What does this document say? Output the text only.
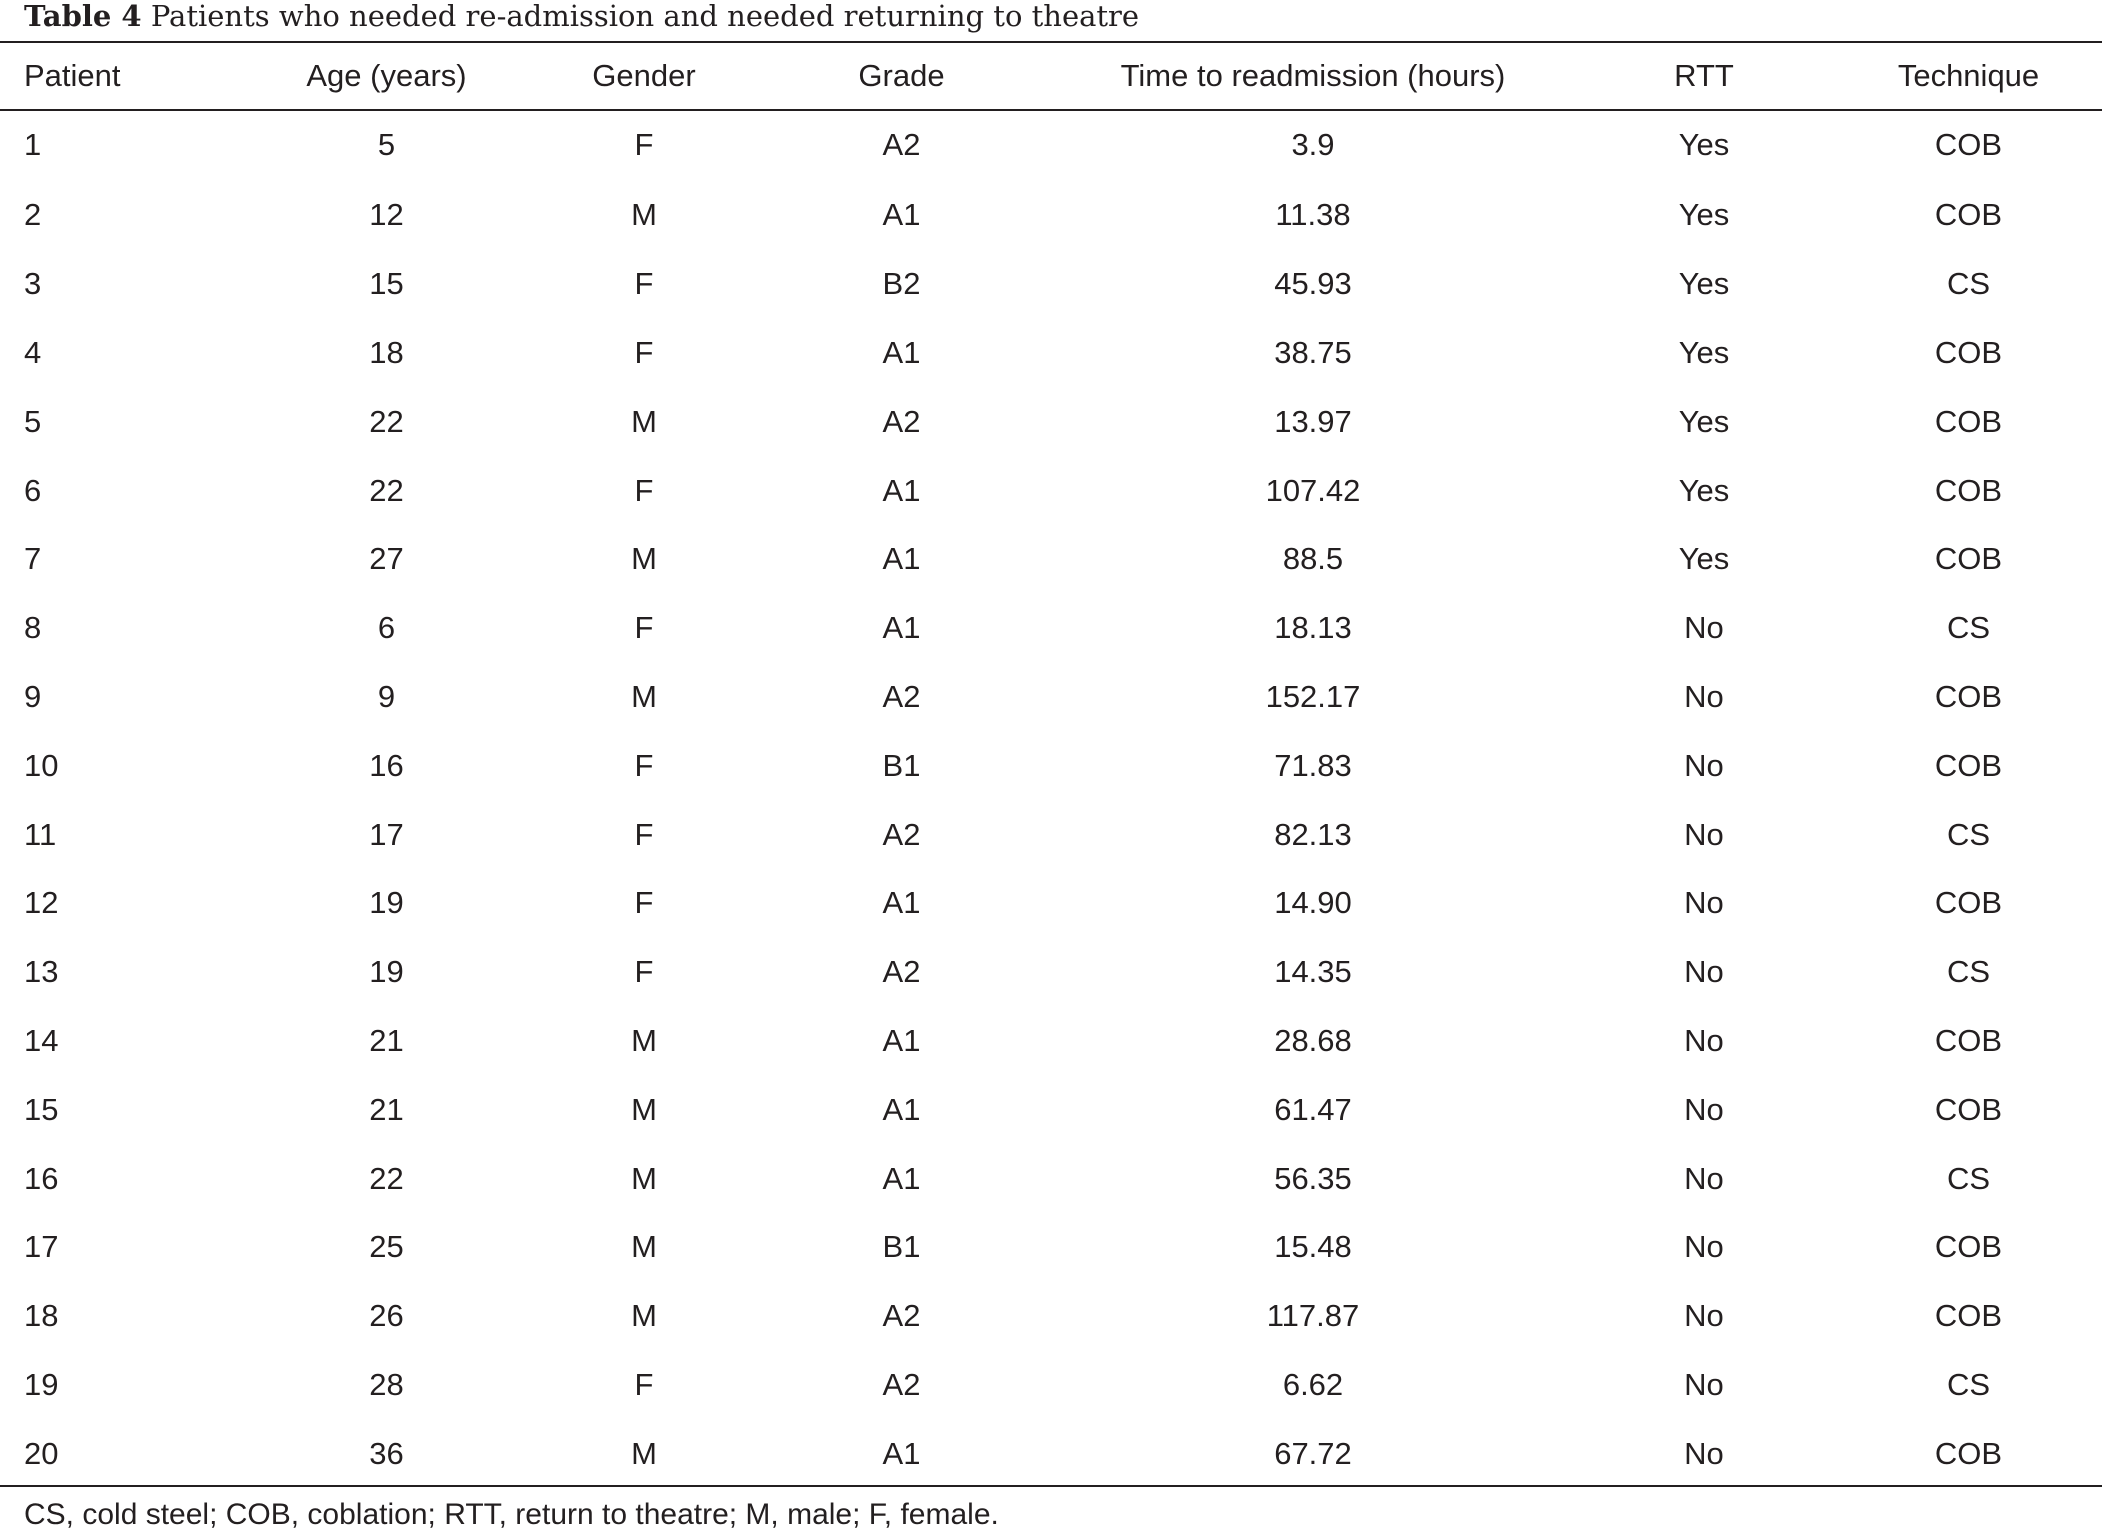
Table 4 Patients who needed re-admission and needed returning to theatre
Patient	Age (years)	Gender	Grade	Time to readmission (hours)	RTT	Technique
1	5	F	A2	3.9	Yes	COB
2	12	M	A1	11.38	Yes	COB
3	15	F	B2	45.93	Yes	CS
4	18	F	A1	38.75	Yes	COB
5	22	M	A2	13.97	Yes	COB
6	22	F	A1	107.42	Yes	COB
7	27	M	A1	88.5	Yes	COB
8	6	F	A1	18.13	No	CS
9	9	M	A2	152.17	No	COB
10	16	F	B1	71.83	No	COB
11	17	F	A2	82.13	No	CS
12	19	F	A1	14.90	No	COB
13	19	F	A2	14.35	No	CS
14	21	M	A1	28.68	No	COB
15	21	M	A1	61.47	No	COB
16	22	M	A1	56.35	No	CS
17	25	M	B1	15.48	No	COB
18	26	M	A2	117.87	No	COB
19	28	F	A2	6.62	No	CS
20	36	M	A1	67.72	No	COB
CS, cold steel; COB, coblation; RTT, return to theatre; M, male; F, female.
